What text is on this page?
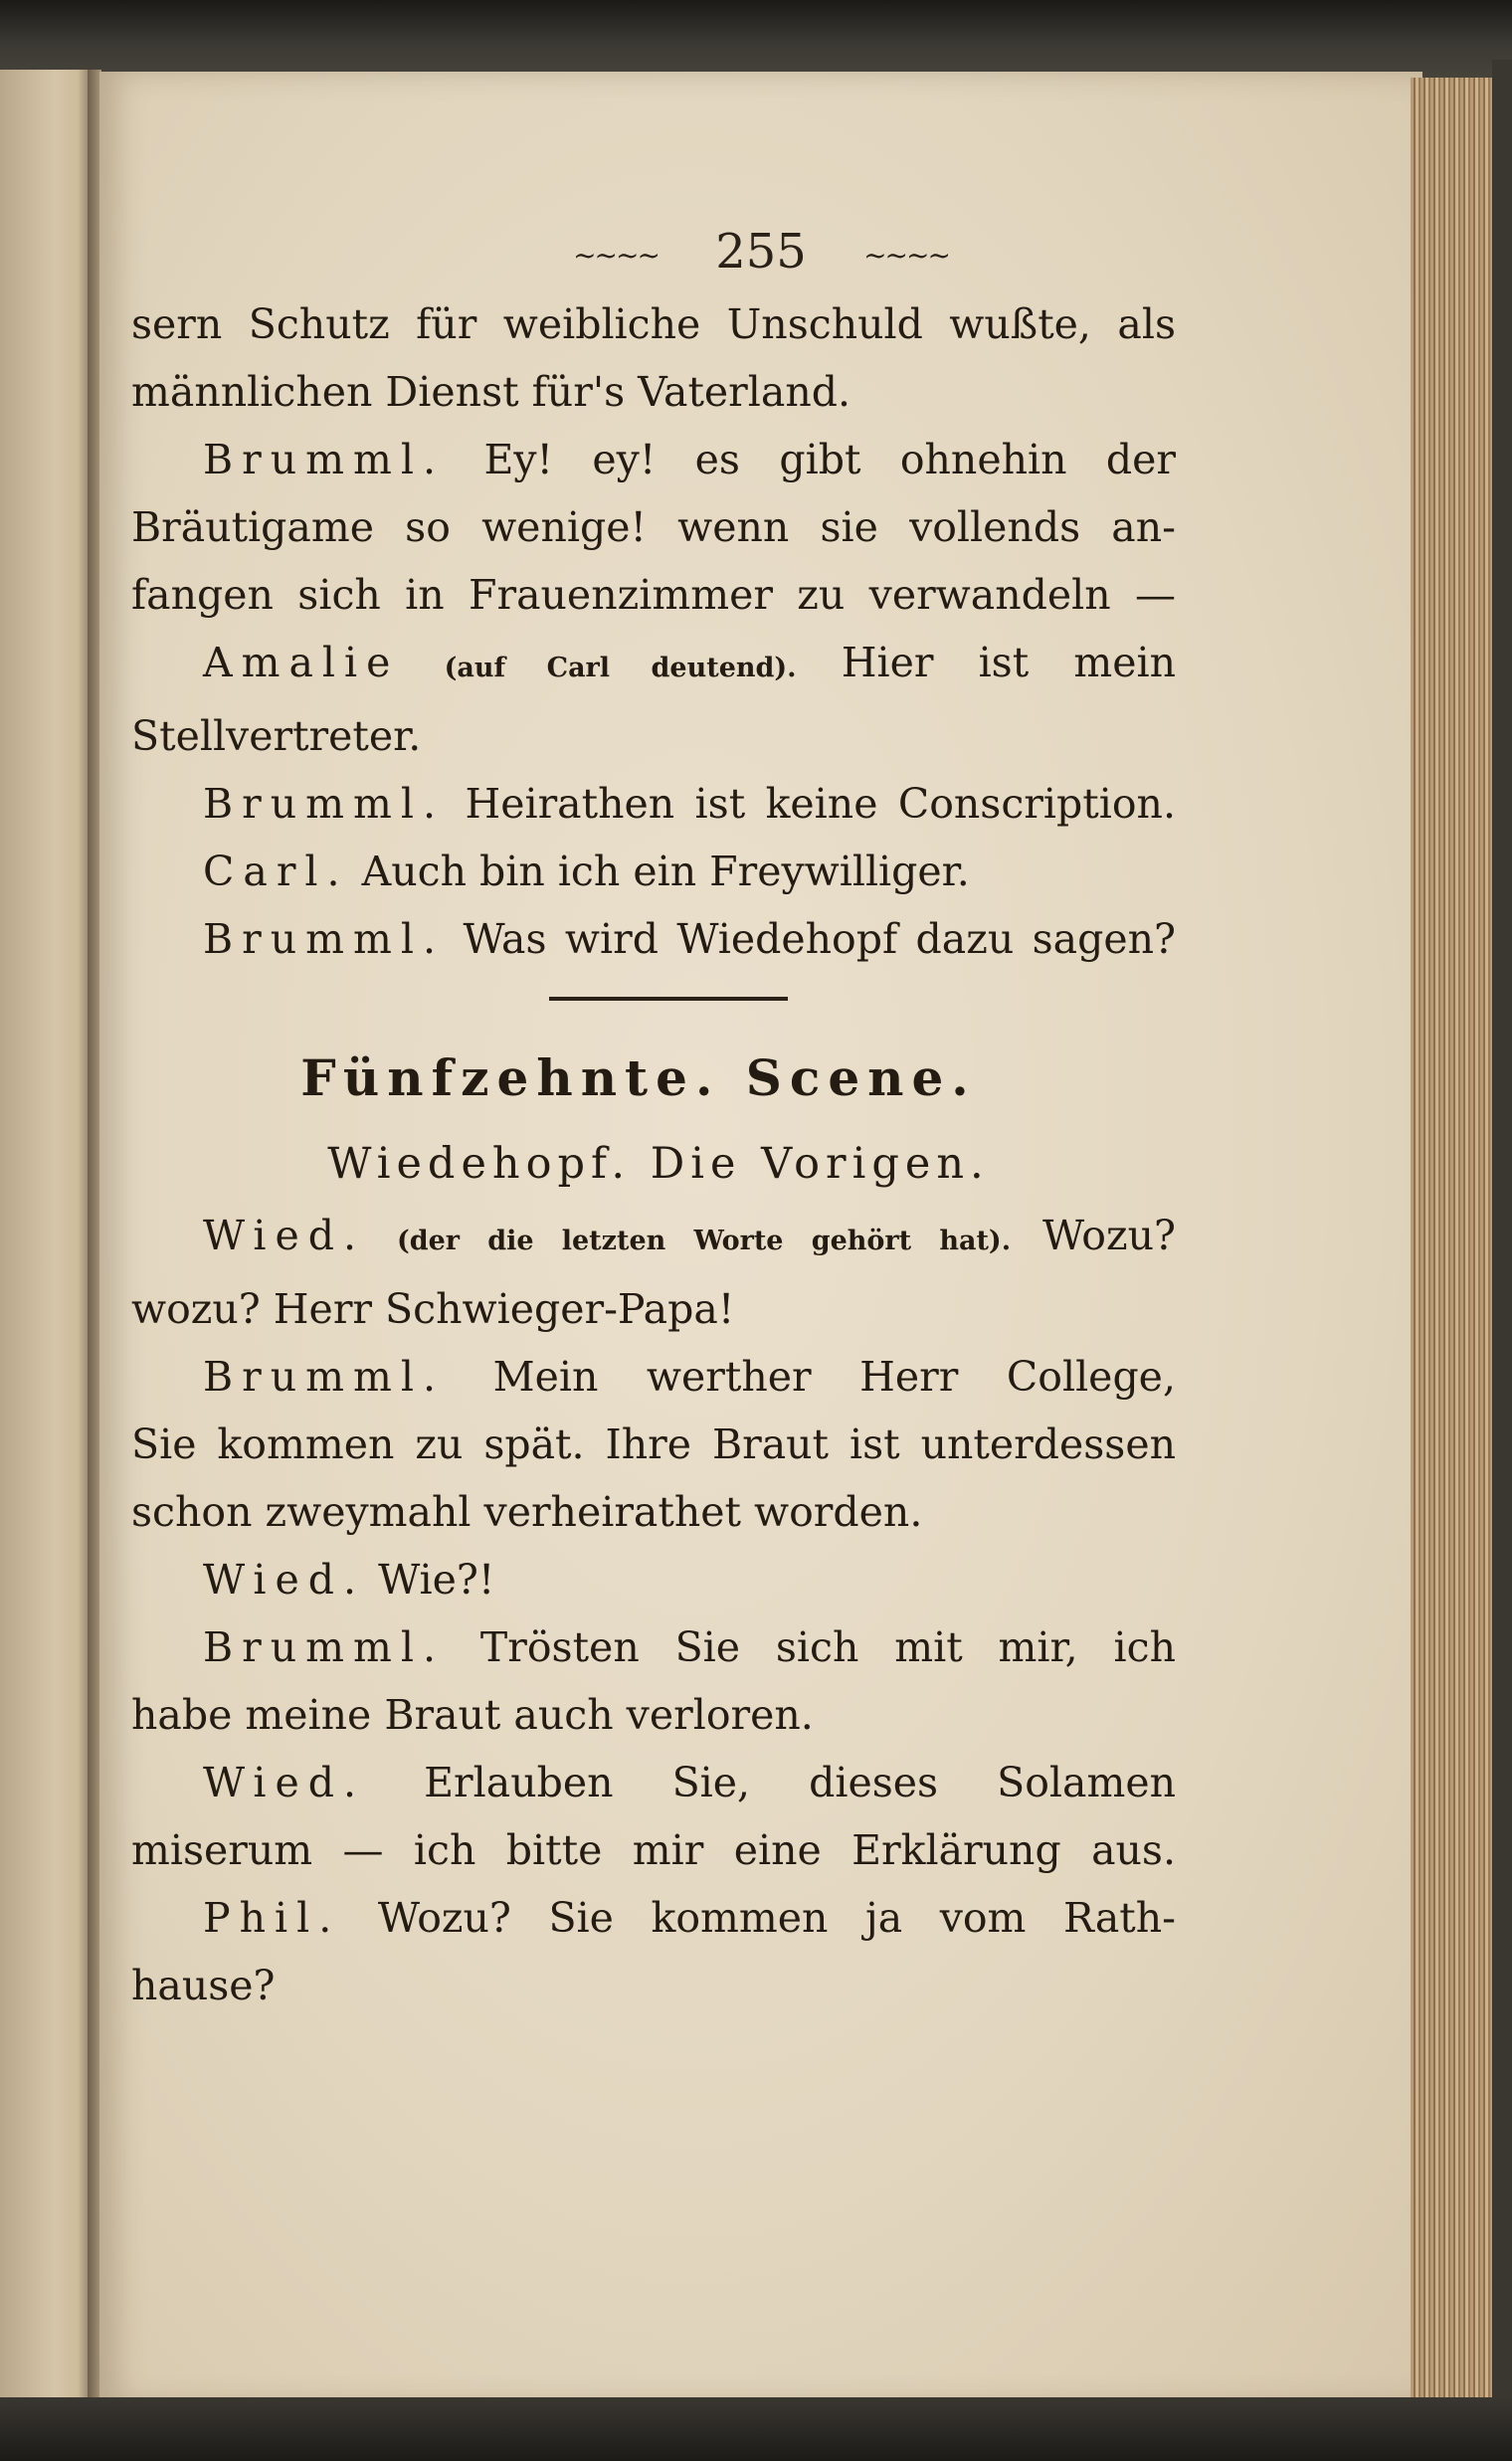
~~~~ 255 ~~~~
sern Schutz für weibliche Unschuld wußte, als
männlichen Dienst für's Vaterland.
Brumml. Ey! ey! es gibt ohnehin der
Bräutigame so wenige! wenn sie vollends an-
fangen sich in Frauenzimmer zu verwandeln —
Amalie (auf Carl deutend). Hier ist mein
Stellvertreter.
Brumml. Heirathen ist keine Conscription.
Carl. Auch bin ich ein Freywilliger.
Brumml. Was wird Wiedehopf dazu sagen?
Fünfzehnte. Scene.
Wiedehopf. Die Vorigen.
Wied. (der die letzten Worte gehört hat). Wozu?
wozu? Herr Schwieger-Papa!
Brumml. Mein werther Herr College,
Sie kommen zu spät. Ihre Braut ist unterdessen
schon zweymahl verheirathet worden.
Wied. Wie?!
Brumml. Trösten Sie sich mit mir, ich
habe meine Braut auch verloren.
Wied. Erlauben Sie, dieses Solamen
miserum — ich bitte mir eine Erklärung aus.
Phil. Wozu? Sie kommen ja vom Rath-
hause?
